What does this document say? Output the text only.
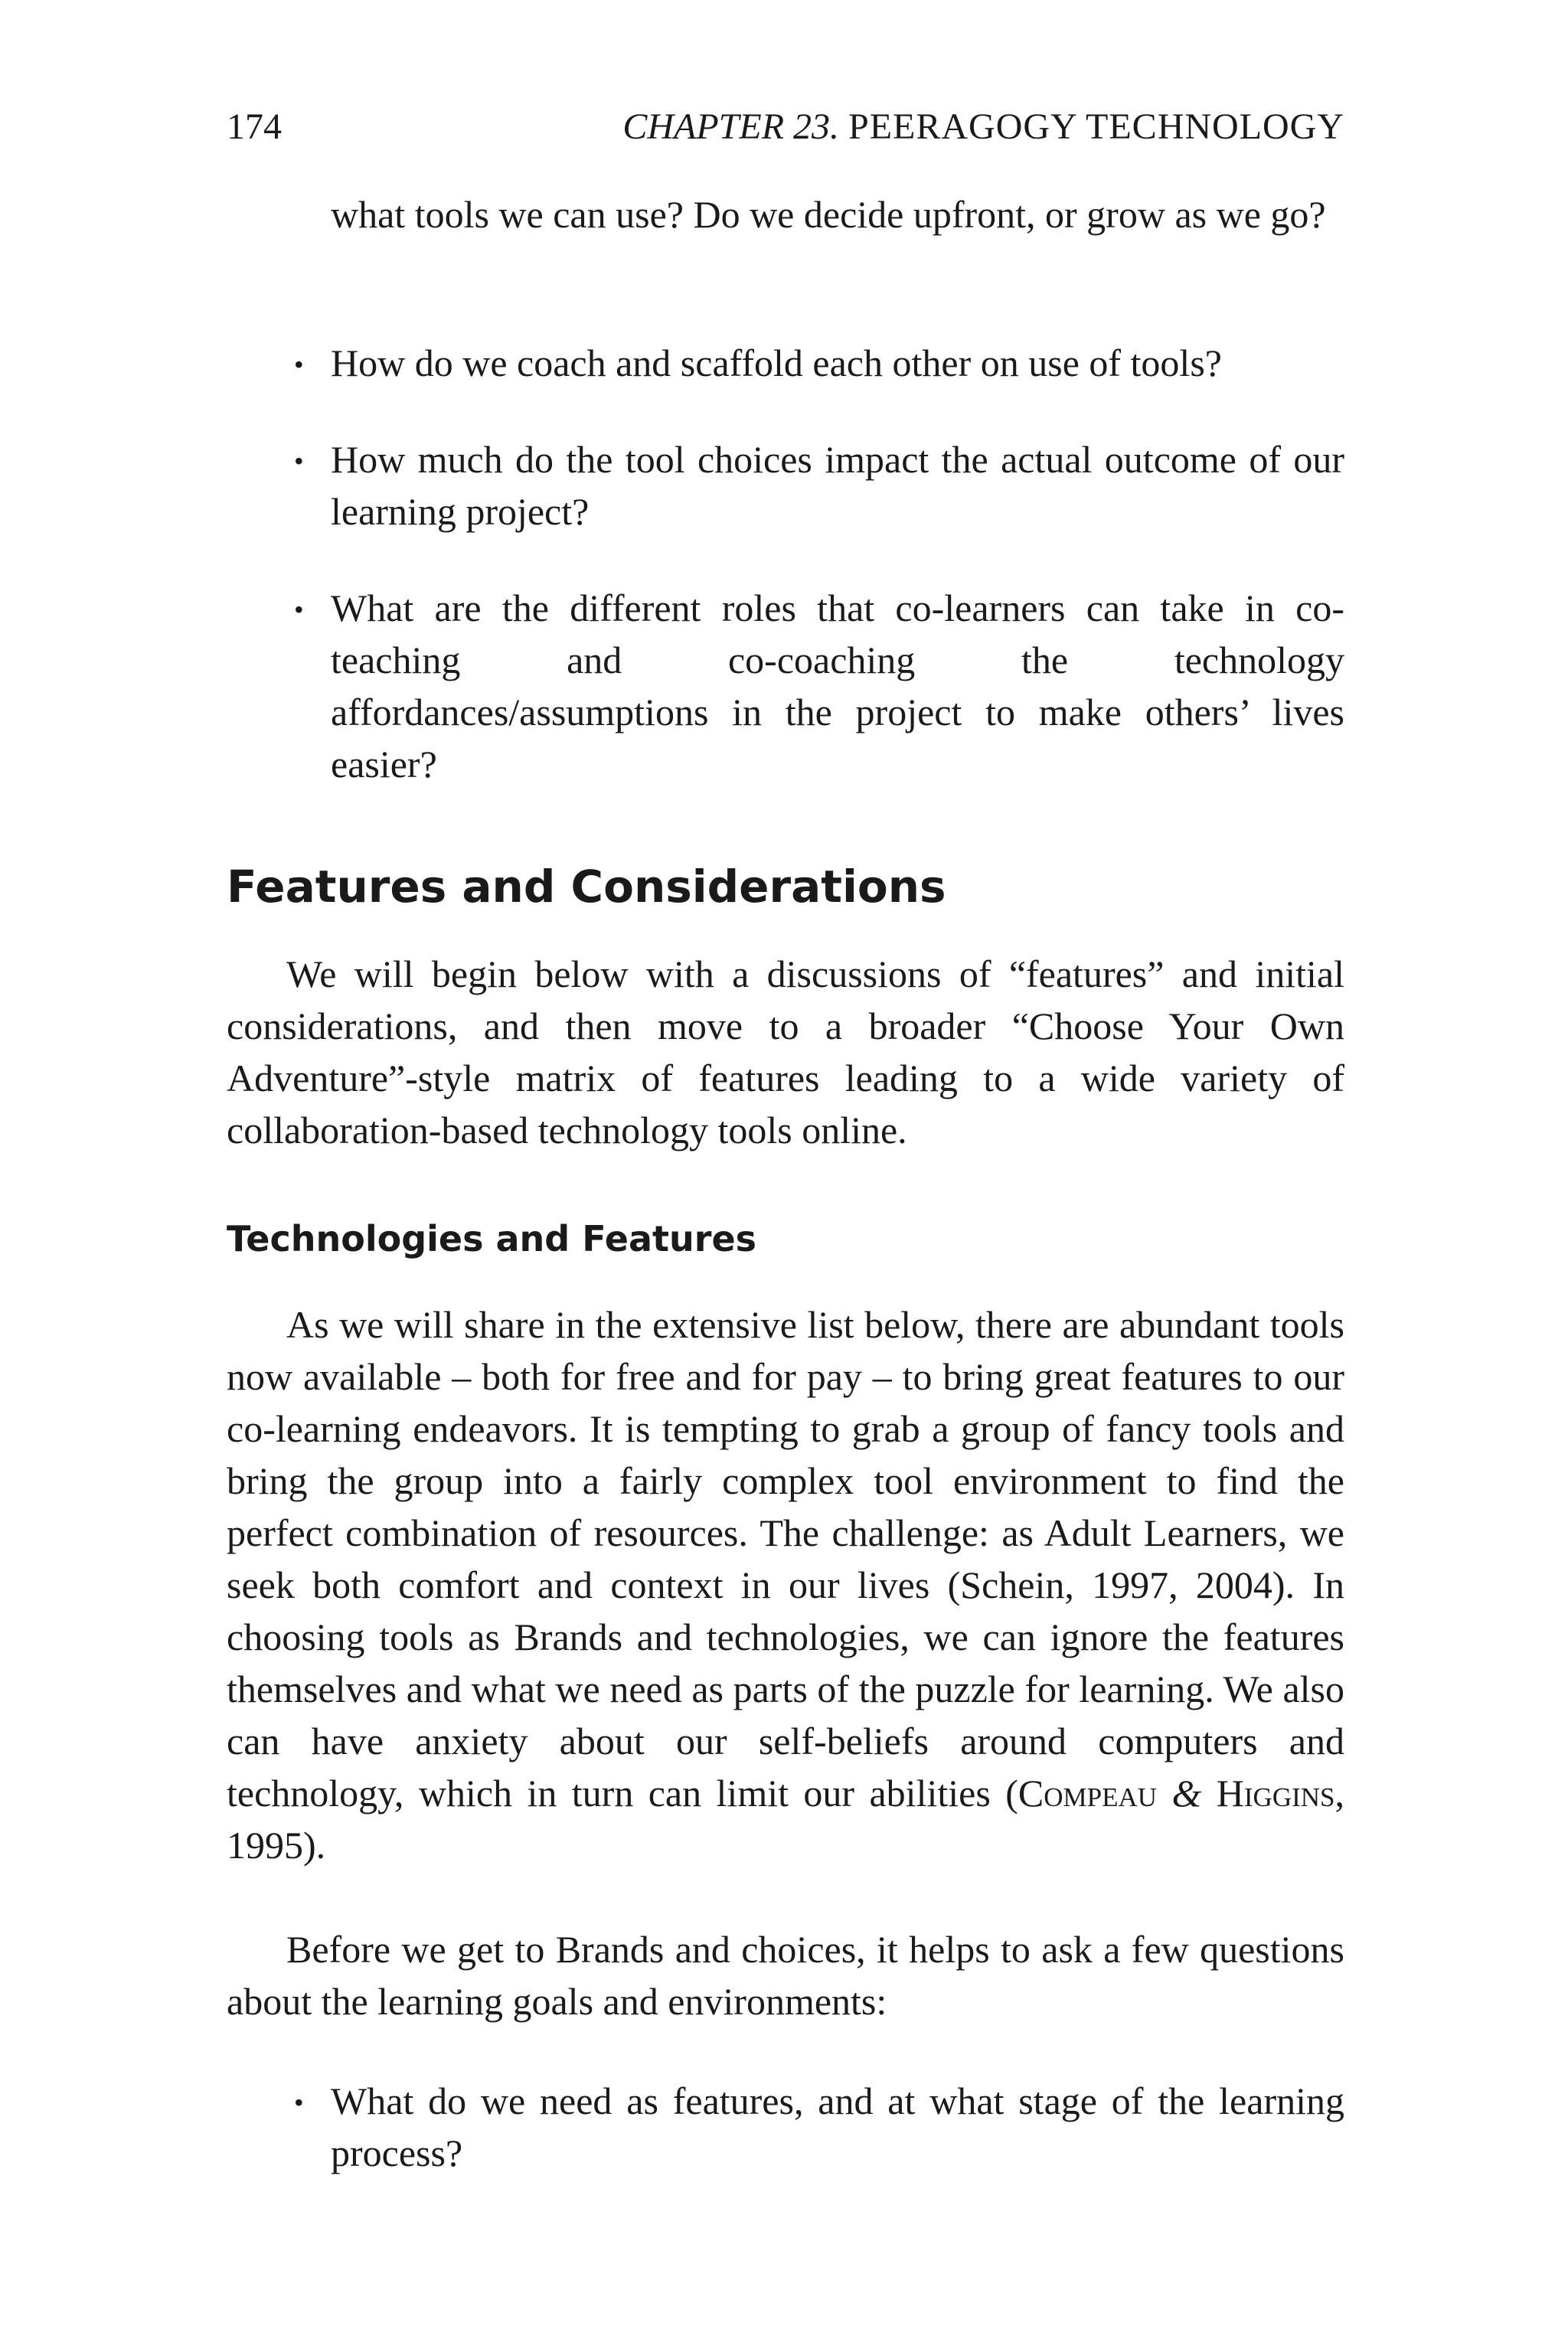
174	CHAPTER 23. PEERAGOGY TECHNOLOGY
what tools we can use? Do we decide upfront, or grow as we go?
• How do we coach and scaffold each other on use of tools?
• How much do the tool choices impact the actual outcome of our learning project?
• What are the different roles that co-learners can take in co-teaching and co-coaching the technology affordances/assumptions in the project to make others’ lives easier?
Features and Considerations

We will begin below with a discussions of “features” and initial considerations, and then move to a broader “Choose Your Own Adventure”-style matrix of features leading to a wide variety of collaboration-based technology tools online.

Technologies and Features

As we will share in the extensive list below, there are abundant tools now available – both for free and for pay – to bring great features to our co-learning endeavors. It is tempting to grab a group of fancy tools and bring the group into a fairly complex tool environment to find the perfect combination of resources. The challenge: as Adult Learners, we seek both comfort and context in our lives (Schein, 1997, 2004). In choosing tools as Brands and technologies, we can ignore the features themselves and what we need as parts of the puzzle for learning. We also can have anxiety about our self-beliefs around computers and technology, which in turn can limit our abilities (Compeau & Higgins, 1995).

Before we get to Brands and choices, it helps to ask a few questions about the learning goals and environments:

• What do we need as features, and at what stage of the learning process?
